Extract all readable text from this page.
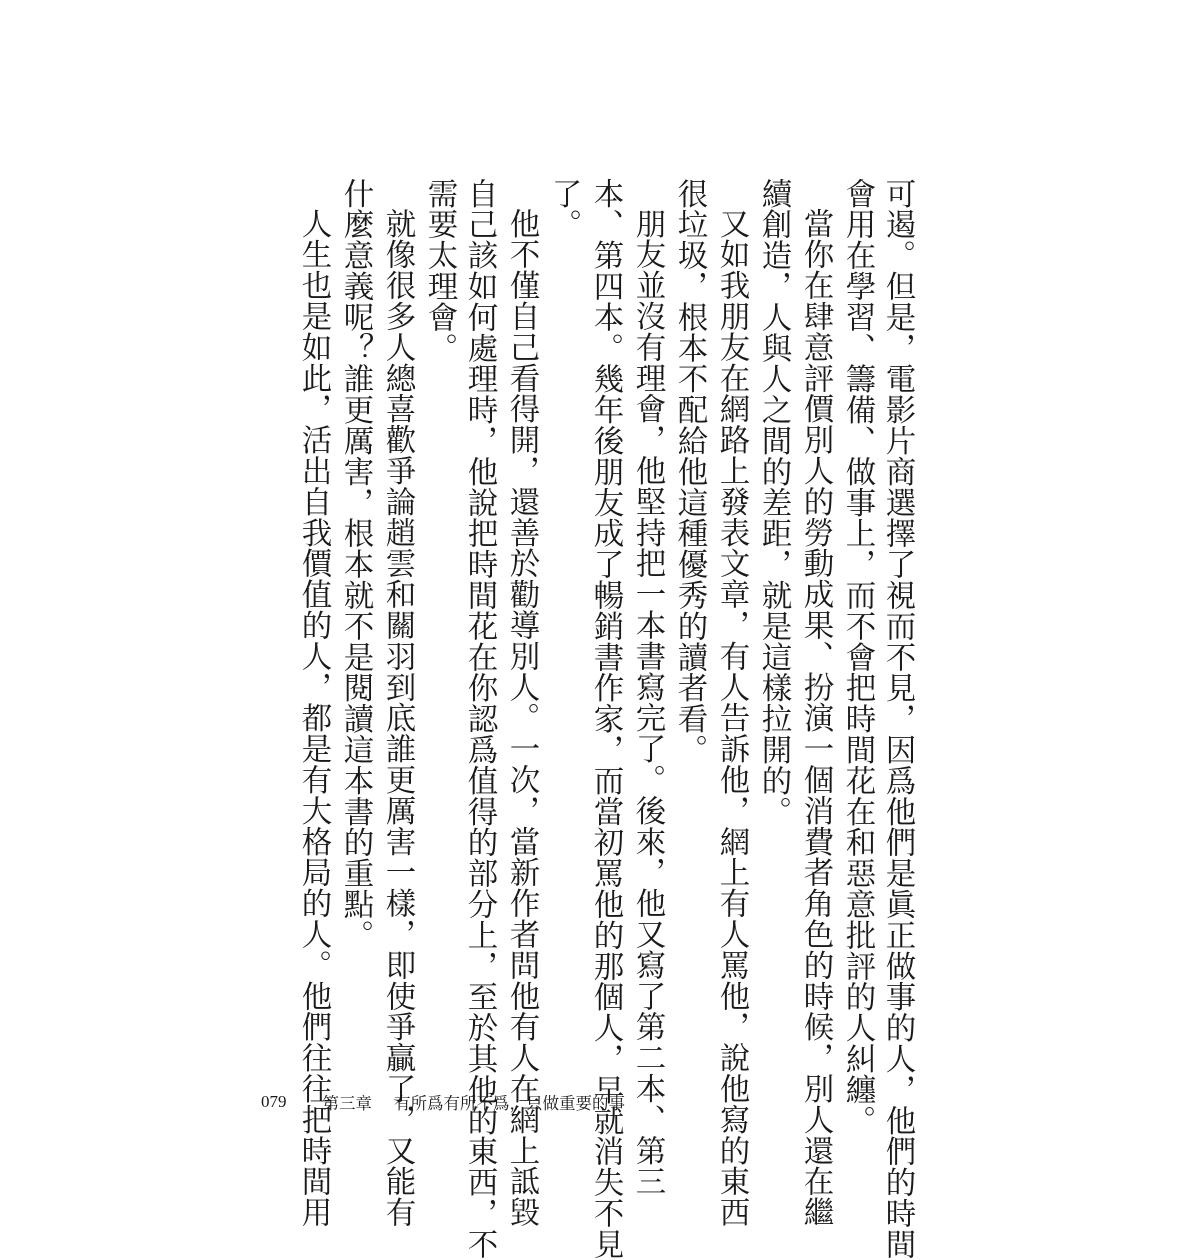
可遏。但是，電影片商選擇了視而不見，因爲他們是眞正做事的人，他們的時間
會用在學習、籌備、做事上，而不會把時間花在和惡意批評的人糾纏。
當你在肆意評價別人的勞動成果、扮演一個消費者角色的時候，別人還在繼
續創造，人與人之間的差距，就是這樣拉開的。
又如我朋友在網路上發表文章，有人告訴他，網上有人罵他，說他寫的東西
很垃圾，根本不配給他這種優秀的讀者看。
朋友並沒有理會，他堅持把一本書寫完了。後來，他又寫了第二本、第三
本、第四本。幾年後朋友成了暢銷書作家，而當初罵他的那個人，早就消失不見
了。
他不僅自己看得開，還善於勸導別人。一次，當新作者問他有人在網上詆毀
自己該如何處理時，他說把時間花在你認爲值得的部分上，至於其他的東西，不
需要太理會。
就像很多人總喜歡爭論趙雲和關羽到底誰更厲害一樣，即使爭贏了，又能有
什麼意義呢？誰更厲害，根本就不是閱讀這本書的重點。
人生也是如此，活出自我價值的人，都是有大格局的人。他們往往把時間用
079 第三章 有所爲有所不爲，只做重要的事
